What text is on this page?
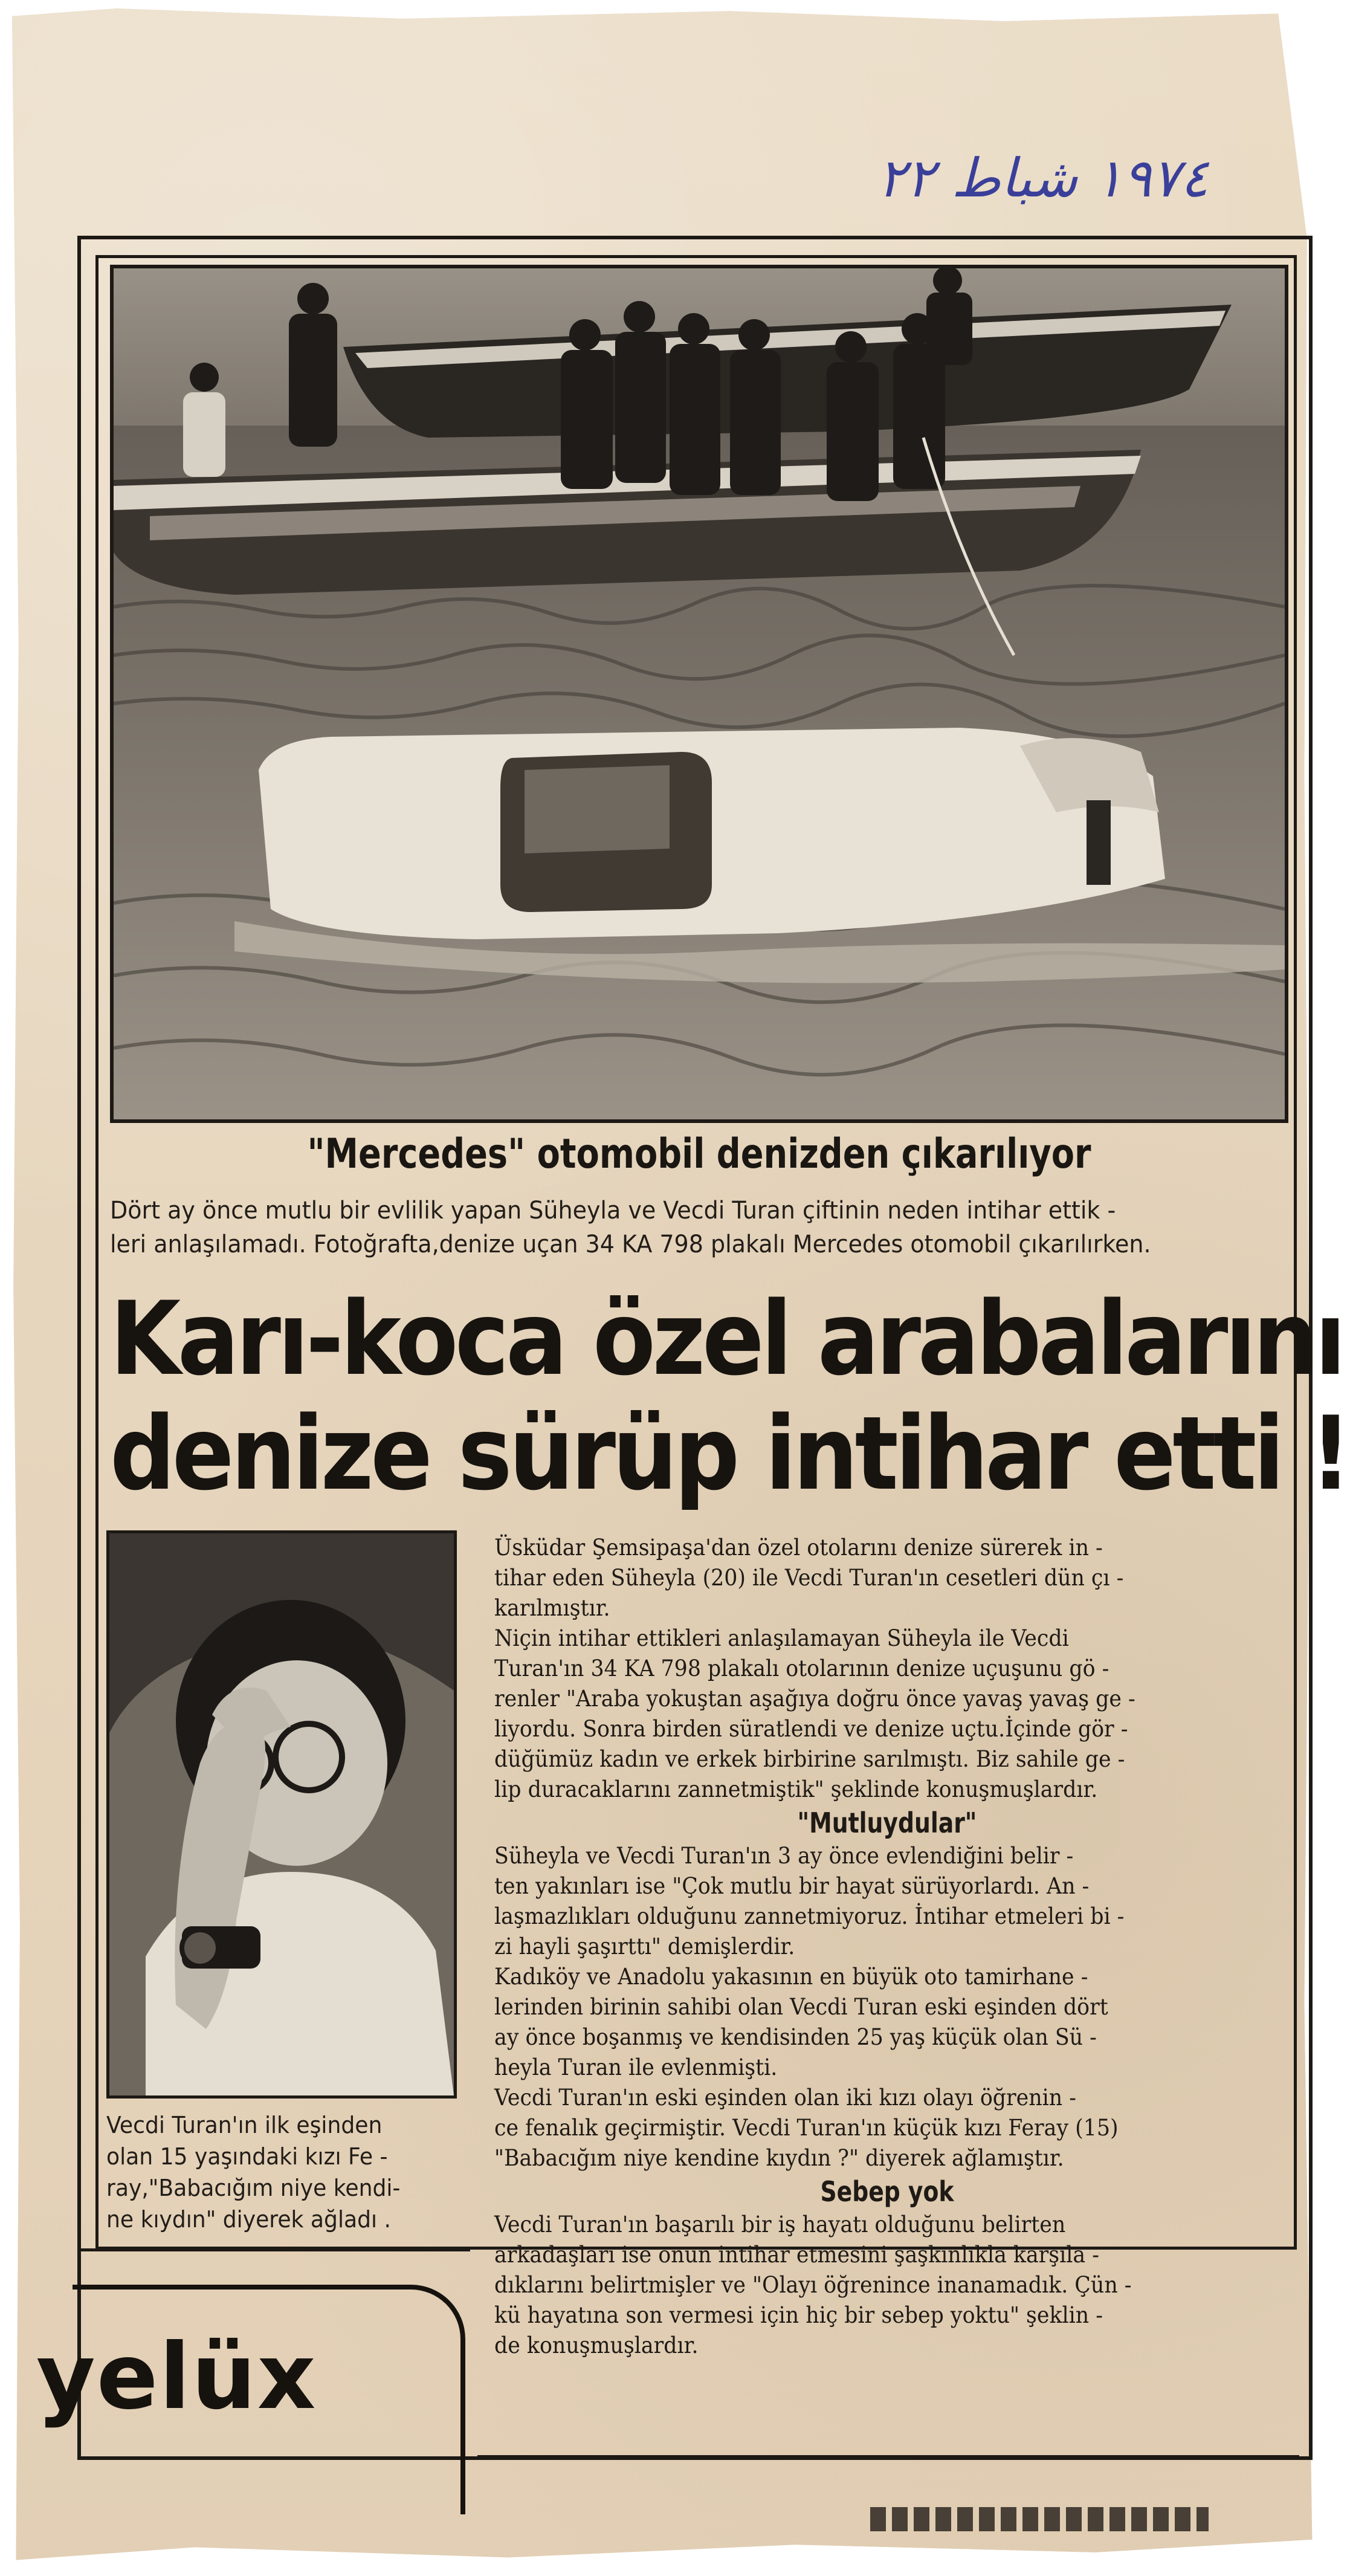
١٩٧٤ شباط ٢٢
"Mercedes" otomobil denizden çıkarılıyor
Dört ay önce mutlu bir evlilik yapan Süheyla ve Vecdi Turan çiftinin neden intihar ettik -
leri anlaşılamadı. Fotoğrafta,denize uçan 34 KA 798 plakalı Mercedes otomobil çıkarılırken.
Karı-koca özel arabalarını
denize sürüp intihar etti !
Vecdi Turan'ın ilk eşinden
olan 15 yaşındaki kızı Fe -
ray,"Babacığım niye kendi-
ne kıydın" diyerek ağladı .
Üsküdar Şemsipaşa'dan özel otolarını denize sürerek in -
tihar eden Süheyla (20) ile Vecdi Turan'ın cesetleri dün çı -
karılmıştır.
Niçin intihar ettikleri anlaşılamayan Süheyla ile Vecdi
Turan'ın 34 KA 798 plakalı otolarının denize uçuşunu gö -
renler "Araba yokuştan aşağıya doğru önce yavaş yavaş ge -
liyordu. Sonra birden süratlendi ve denize uçtu.İçinde gör -
düğümüz kadın ve erkek birbirine sarılmıştı. Biz sahile ge -
lip duracaklarını zannetmiştik" şeklinde konuşmuşlardır.
"Mutluydular"
Süheyla ve Vecdi Turan'ın 3 ay önce evlendiğini belir -
ten yakınları ise "Çok mutlu bir hayat sürüyorlardı. An -
laşmazlıkları olduğunu zannetmiyoruz. İntihar etmeleri bi -
zi hayli şaşırttı" demişlerdir.
Kadıköy ve Anadolu yakasının en büyük oto tamirhane -
lerinden birinin sahibi olan Vecdi Turan eski eşinden dört
ay önce boşanmış ve kendisinden 25 yaş küçük olan Sü -
heyla Turan ile evlenmişti.
Vecdi Turan'ın eski eşinden olan iki kızı olayı öğrenin -
ce fenalık geçirmiştir. Vecdi Turan'ın küçük kızı Feray (15)
"Babacığım niye kendine kıydın ?" diyerek ağlamıştır.
Sebep yok
Vecdi Turan'ın başarılı bir iş hayatı olduğunu belirten
arkadaşları ise onun intihar etmesini şaşkınlıkla karşıla -
dıklarını belirtmişler ve "Olayı öğrenince inanamadık. Çün -
kü hayatına son vermesi için hiç bir sebep yoktu" şeklin -
de konuşmuşlardır.
yelüx
